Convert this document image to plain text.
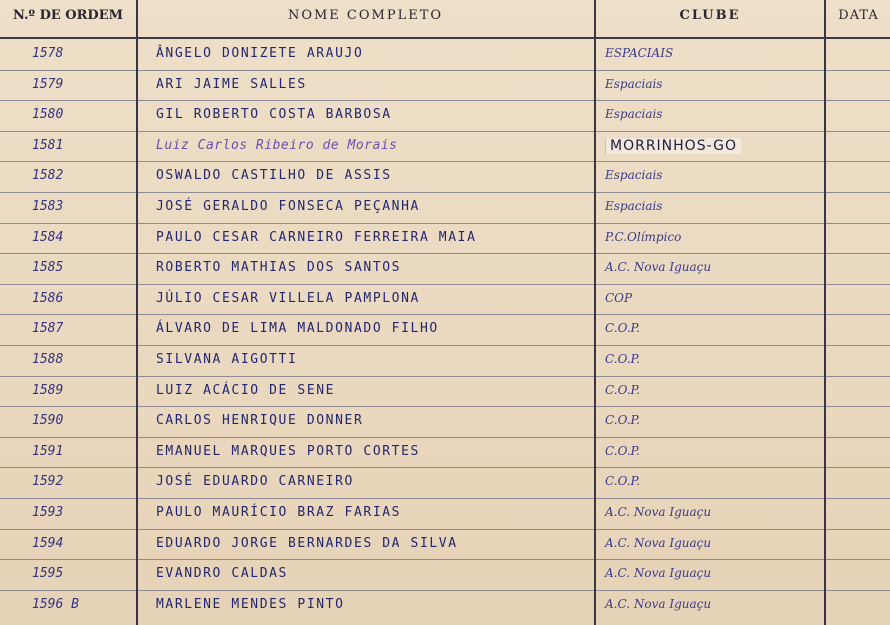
N.º DE ORDEM	NOME COMPLETO	CLUBE	DATA
1578	ÂNGELO DONIZETE ARAUJO	ESPACIAIS
1579	ARI JAIME SALLES	Espaciais
1580	GIL ROBERTO COSTA BARBOSA	Espaciais
1581	Luiz Carlos Ribeiro de Morais	MORRINHOS-GO
1582	OSWALDO CASTILHO DE ASSIS	Espaciais
1583	JOSÉ GERALDO FONSECA PEÇANHA	Espaciais
1584	PAULO CESAR CARNEIRO FERREIRA MAIA	P.C.Olímpico
1585	ROBERTO MATHIAS DOS SANTOS	A.C. Nova Iguaçu
1586	JÚLIO CESAR VILLELA PAMPLONA	COP
1587	ÁLVARO DE LIMA MALDONADO FILHO	C.O.P.
1588	SILVANA AIGOTTI	C.O.P.
1589	LUIZ ACÁCIO DE SENE	C.O.P.
1590	CARLOS HENRIQUE DONNER	C.O.P.
1591	EMANUEL MARQUES PORTO CORTES	C.O.P.
1592	JOSÉ EDUARDO CARNEIRO	C.O.P.
1593	PAULO MAURÍCIO BRAZ FARIAS	A.C. Nova Iguaçu
1594	EDUARDO JORGE BERNARDES DA SILVA	A.C. Nova Iguaçu
1595	EVANDRO CALDAS	A.C. Nova Iguaçu
1596 B	MARLENE MENDES PINTO	A.C. Nova Iguaçu
